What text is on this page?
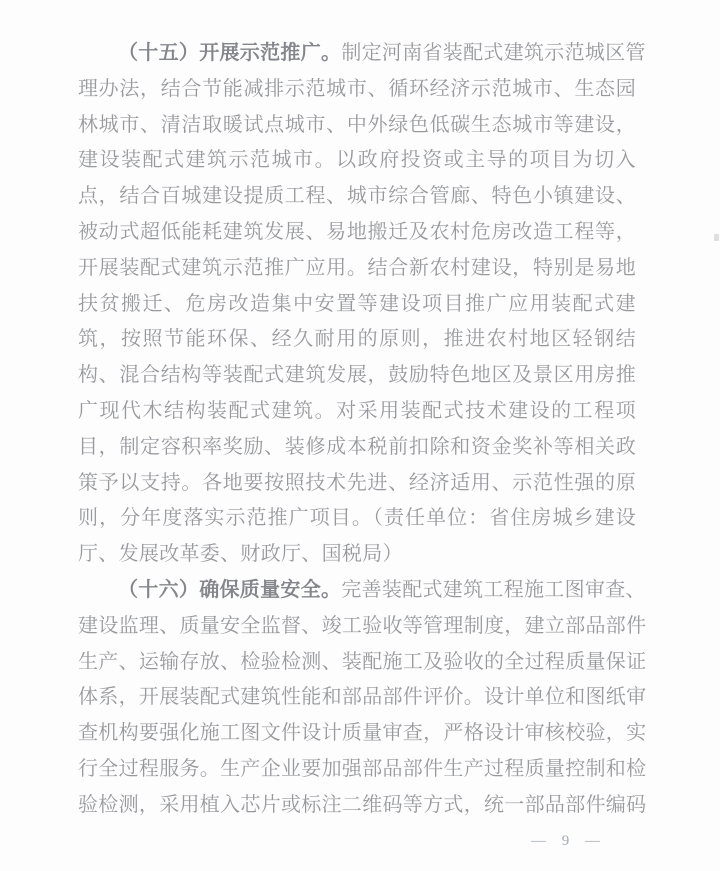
（十五）开展示范推广。制定河南省装配式建筑示范城区管
理办法，结合节能减排示范城市、循环经济示范城市、生态园
林城市、清洁取暖试点城市、中外绿色低碳生态城市等建设，
建设装配式建筑示范城市。以政府投资或主导的项目为切入
点，结合百城建设提质工程、城市综合管廊、特色小镇建设、
被动式超低能耗建筑发展、易地搬迁及农村危房改造工程等，
开展装配式建筑示范推广应用。结合新农村建设，特别是易地
扶贫搬迁、危房改造集中安置等建设项目推广应用装配式建
筑，按照节能环保、经久耐用的原则，推进农村地区轻钢结
构、混合结构等装配式建筑发展，鼓励特色地区及景区用房推
广现代木结构装配式建筑。对采用装配式技术建设的工程项
目，制定容积率奖励、装修成本税前扣除和资金奖补等相关政
策予以支持。各地要按照技术先进、经济适用、示范性强的原
则，分年度落实示范推广项目。（责任单位：省住房城乡建设
厅、发展改革委、财政厅、国税局）
（十六）确保质量安全。完善装配式建筑工程施工图审查、
建设监理、质量安全监督、竣工验收等管理制度，建立部品部件
生产、运输存放、检验检测、装配施工及验收的全过程质量保证
体系，开展装配式建筑性能和部品部件评价。设计单位和图纸审
查机构要强化施工图文件设计质量审查，严格设计审核校验，实
行全过程服务。生产企业要加强部品部件生产过程质量控制和检
验检测，采用植入芯片或标注二维码等方式，统一部品部件编码
— 9 —
